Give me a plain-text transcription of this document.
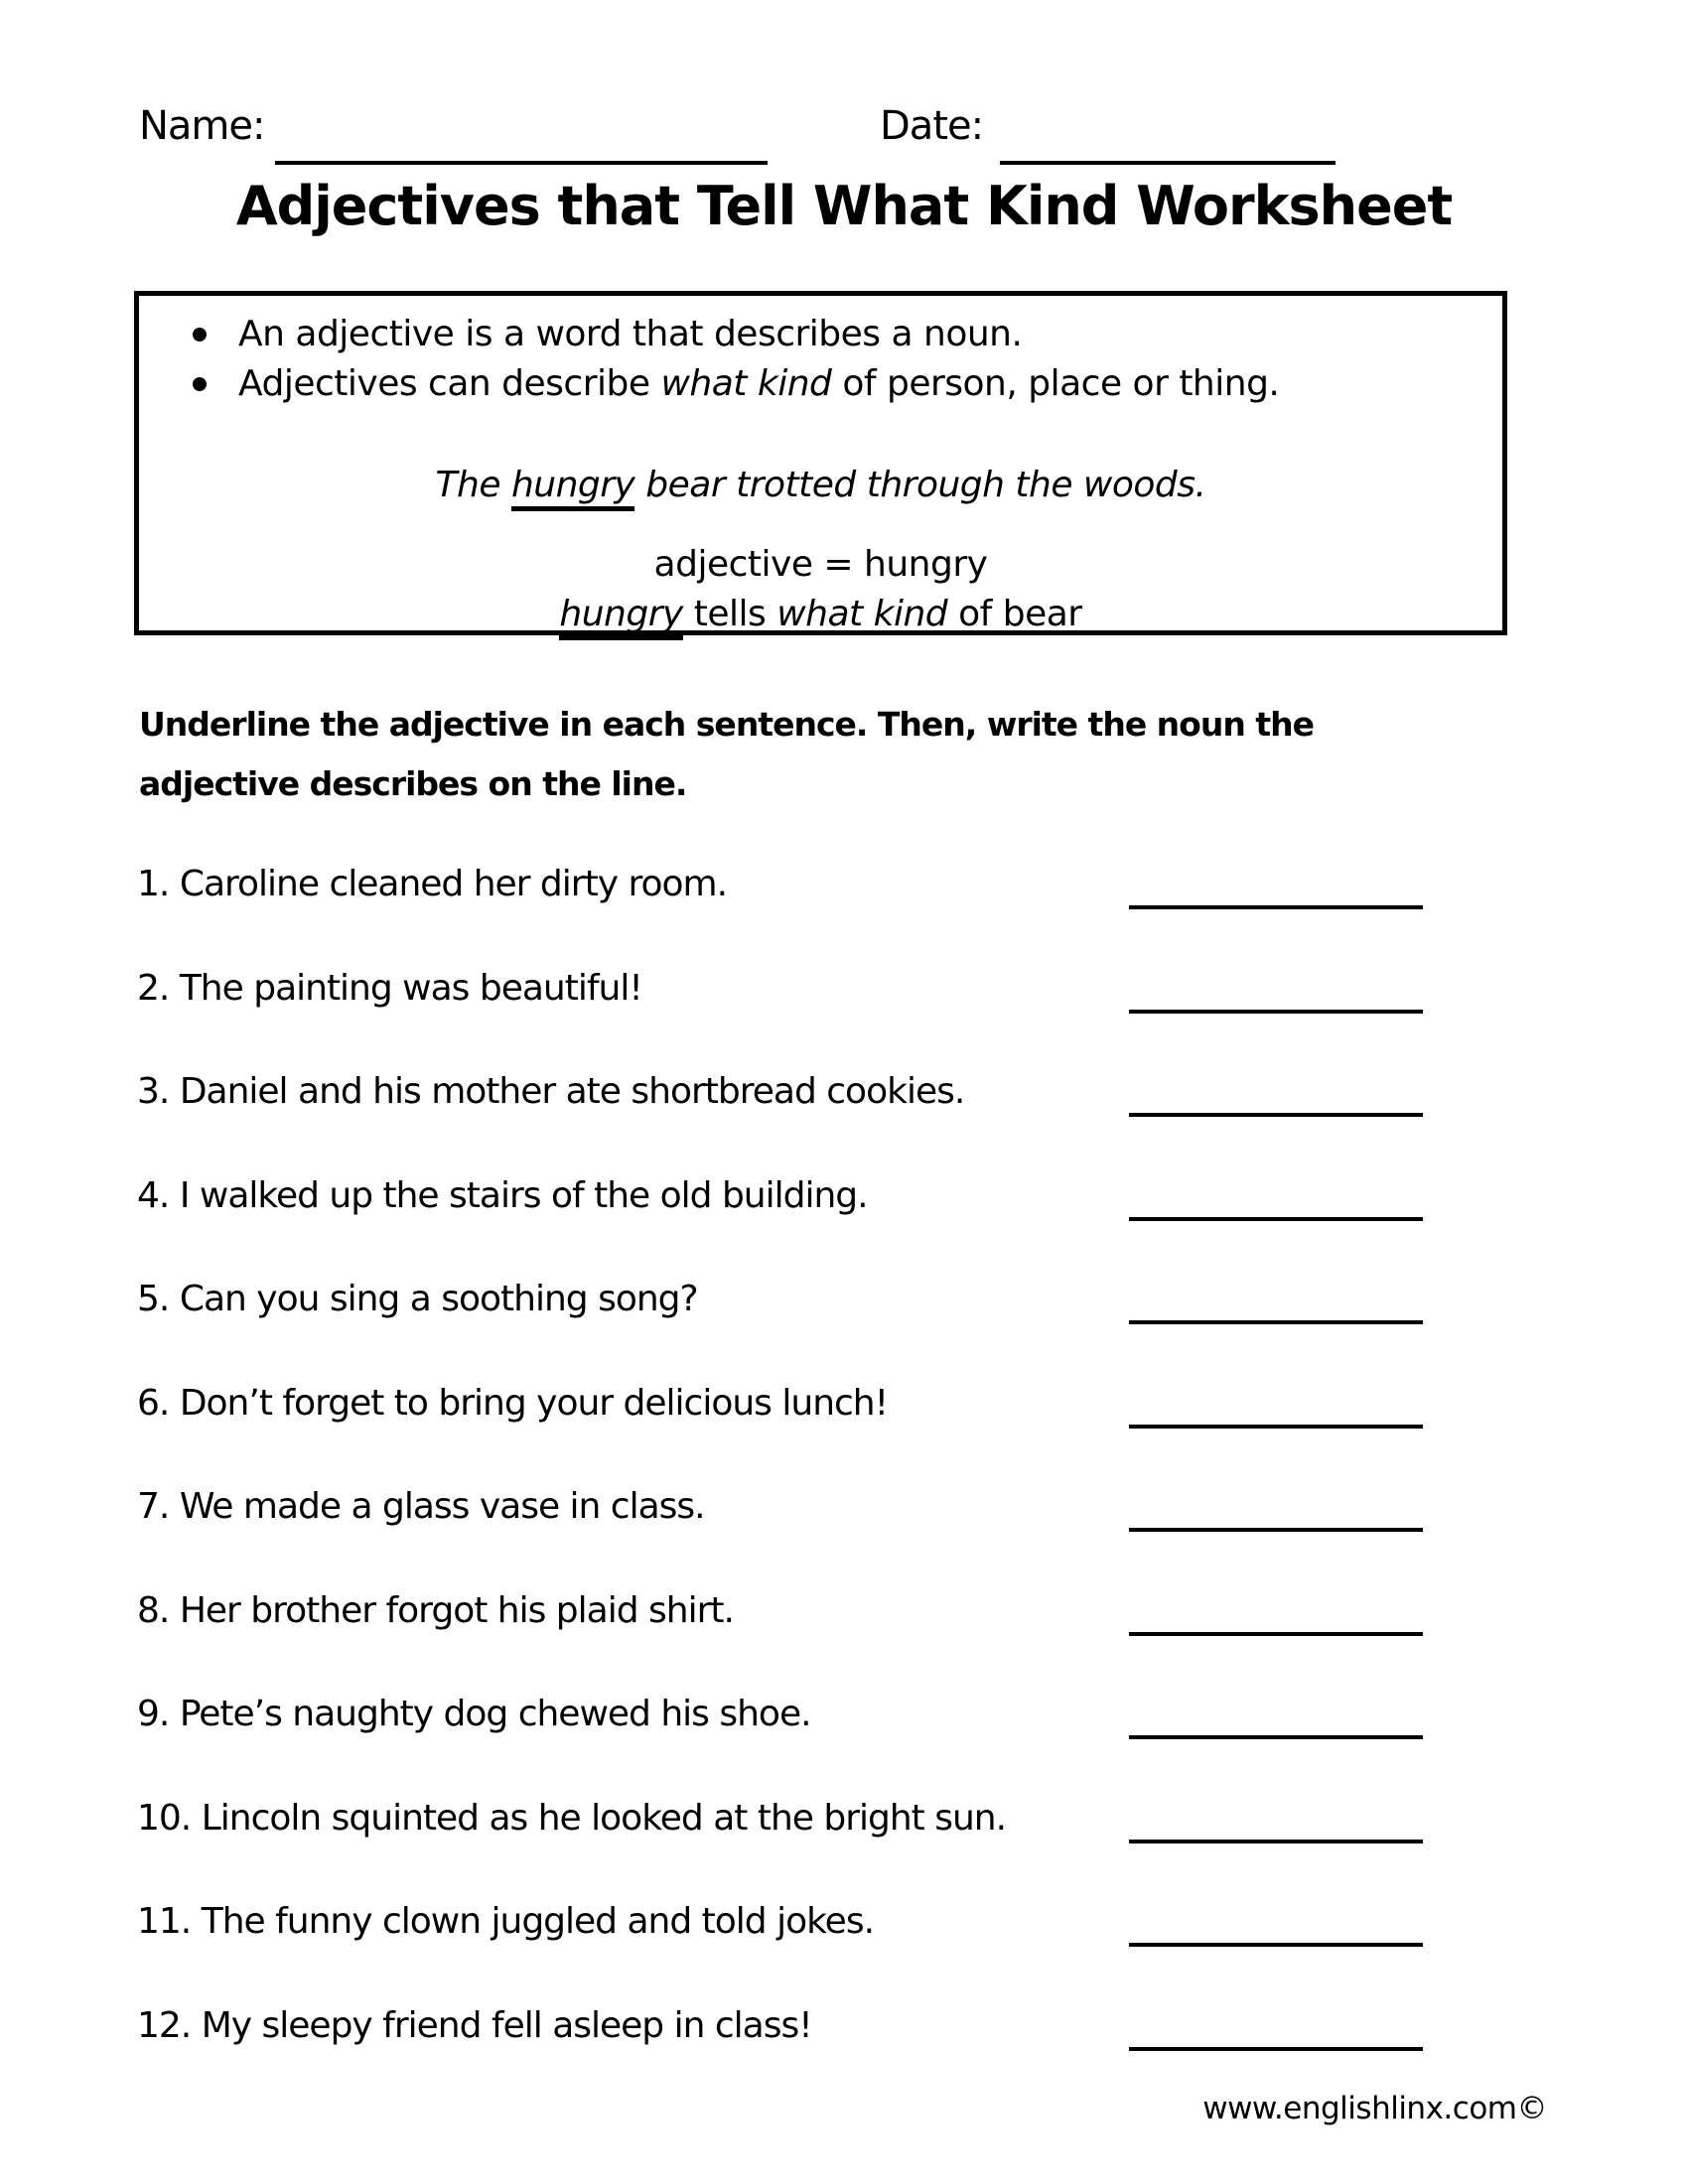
Name:	Date:
Adjectives that Tell What Kind Worksheet
An adjective is a word that describes a noun.
Adjectives can describe what kind of person, place or thing.
The hungry bear trotted through the woods.
adjective = hungry
hungry tells what kind of bear
Underline the adjective in each sentence. Then, write the noun the
adjective describes on the line.
1. Caroline cleaned her dirty room.
2. The painting was beautiful!
3. Daniel and his mother ate shortbread cookies.
4. I walked up the stairs of the old building.
5. Can you sing a soothing song?
6. Don’t forget to bring your delicious lunch!
7. We made a glass vase in class.
8. Her brother forgot his plaid shirt.
9. Pete’s naughty dog chewed his shoe.
10. Lincoln squinted as he looked at the bright sun.
11. The funny clown juggled and told jokes.
12. My sleepy friend fell asleep in class!
www.englishlinx.com©
